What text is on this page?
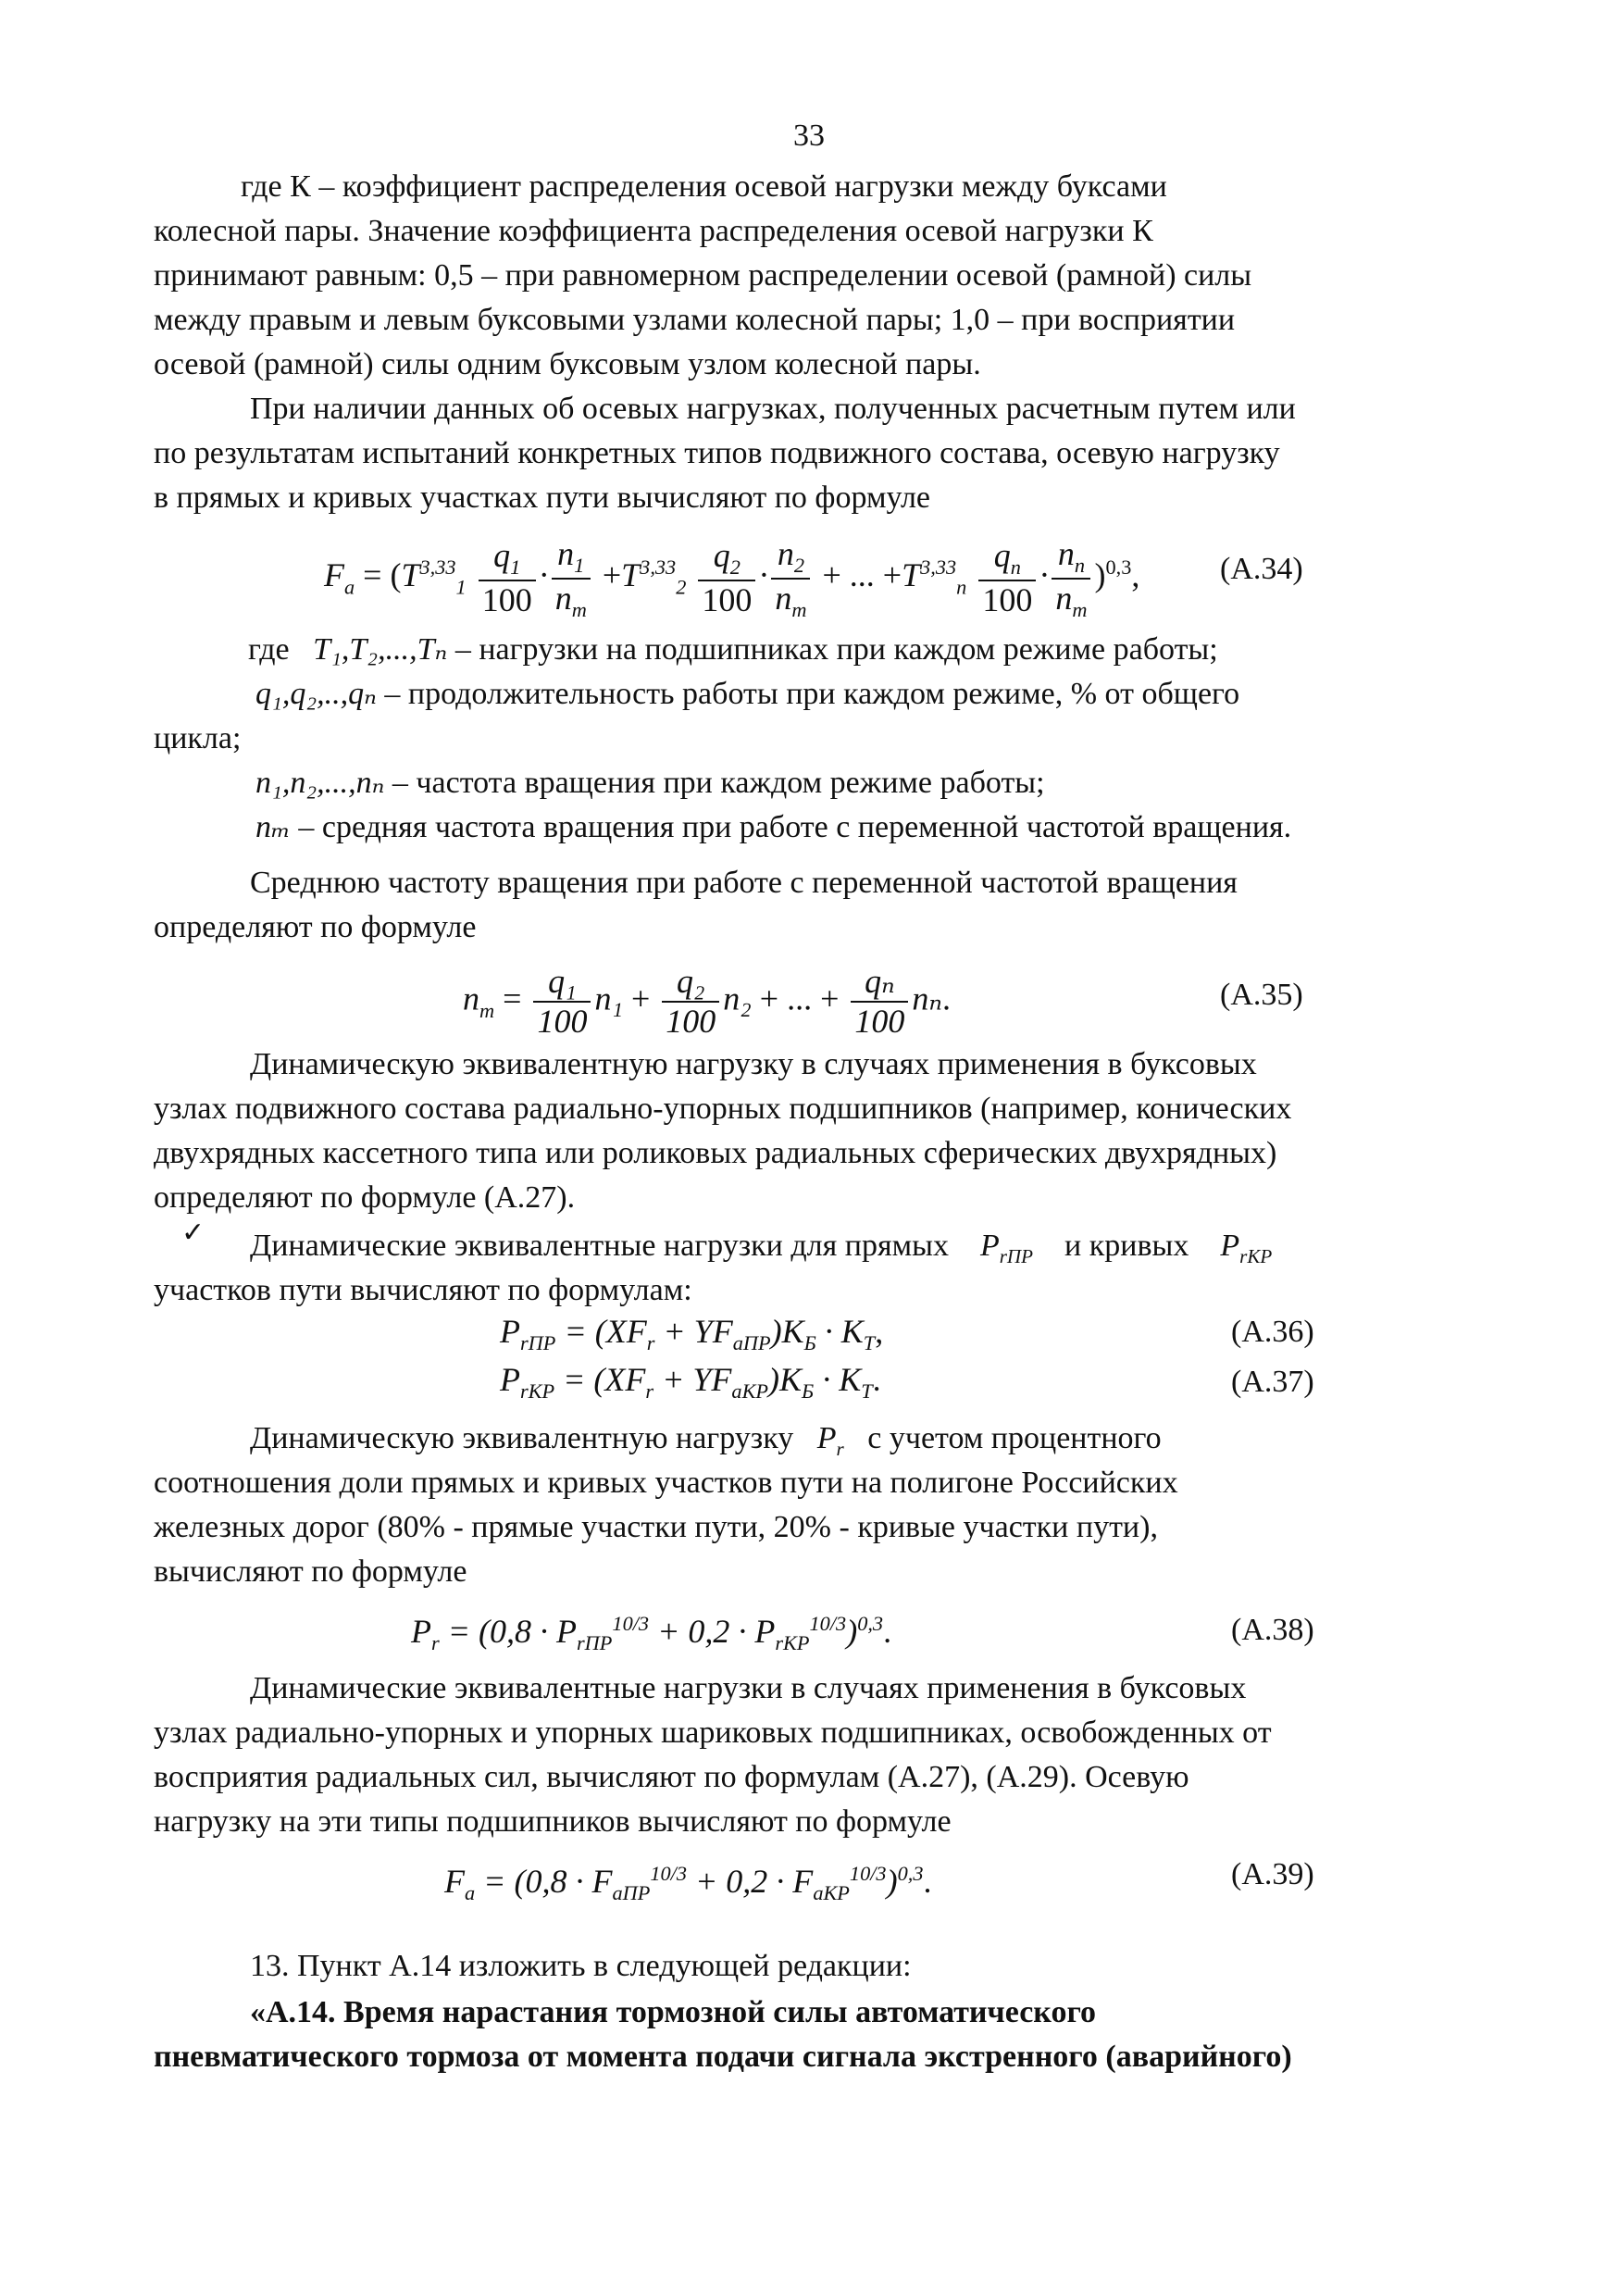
33
где К – коэффициент распределения осевой нагрузки между буксами
колесной пары. Значение коэффициента распределения осевой нагрузки К
принимают равным: 0,5 – при равномерном распределении осевой (рамной) силы
между правым и левым буксовыми узлами колесной пары; 1,0 – при восприятии
осевой (рамной) силы одним буксовым узлом колесной пары.
При наличии данных об осевых нагрузках, полученных расчетным путем или
по результатам испытаний конкретных типов подвижного состава, осевую нагрузку
в прямых и кривых участках пути вычисляют по формуле
$F_a = (T^{3,33}_1 \frac{q_1}{100} \cdot \frac{n_1}{n_m} +T^{3,33}_2 \frac{q_2}{100} \cdot \frac{n_2}{n_m}$ + ... $+T^{3,33}_n \frac{q_n}{100} \cdot \frac{n_n}{n_m} )^{0,3}$,	(А.34)
где T₁,T₂,...,Tₙ – нагрузки на подшипниках при каждом режиме работы;
q₁,q₂,..,qₙ – продолжительность работы при каждом режиме, % от общего
цикла;
n₁,n₂,...,nₙ – частота вращения при каждом режиме работы;
nₘ – средняя частота вращения при работе с переменной частотой вращения.
Среднюю частоту вращения при работе с переменной частотой вращения
определяют по формуле
$n_m = \frac{\text{q₁}}{100} n_1 + \frac{\text{q₂}}{100} n_2$ + ... + $\frac{\text{qₙ}}{100} n_n$.	(А.35)
Динамическую эквивалентную нагрузку в случаях применения в буксовых
узлах подвижного состава радиально-упорных подшипников (например, конических
двухрядных кассетного типа или роликовых радиальных сферических двухрядных)
определяют по формуле (А.27).
✓ Динамические эквивалентные нагрузки для прямых $P_{rПР}$ и кривых $P_{rКР}$
участков пути вычисляют по формулам:
$P_{rПР} = (XF_r + YF_{aПР})K_Б \cdot K_T$,	(А.36)
$P_{rКР} = (XF_r + YF_{aКР})K_Б \cdot K_T$.	(А.37)
Динамическую эквивалентную нагрузку $P_r$ с учетом процентного
соотношения доли прямых и кривых участков пути на полигоне Российских
железных дорог (80% - прямые участки пути, 20% - кривые участки пути),
вычисляют по формуле
$P_r = (0,8 \cdot P_{rПР}^{10/3} + 0,2 \cdot P_{rКР}^{10/3})^{0,3}$.	(А.38)
Динамические эквивалентные нагрузки в случаях применения в буксовых
узлах радиально-упорных и упорных шариковых подшипниках, освобожденных от
восприятия радиальных сил, вычисляют по формулам (А.27), (А.29). Осевую
нагрузку на эти типы подшипников вычисляют по формуле
$F_a = (0,8 \cdot F_{aПР}^{10/3} + 0,2 \cdot F_{aКР}^{10/3})^{0,3}$.	(А.39)
13. Пункт А.14 изложить в следующей редакции:
«А.14. Время нарастания тормозной силы автоматического
пневматического тормоза от момента подачи сигнала экстренного (аварийного)
